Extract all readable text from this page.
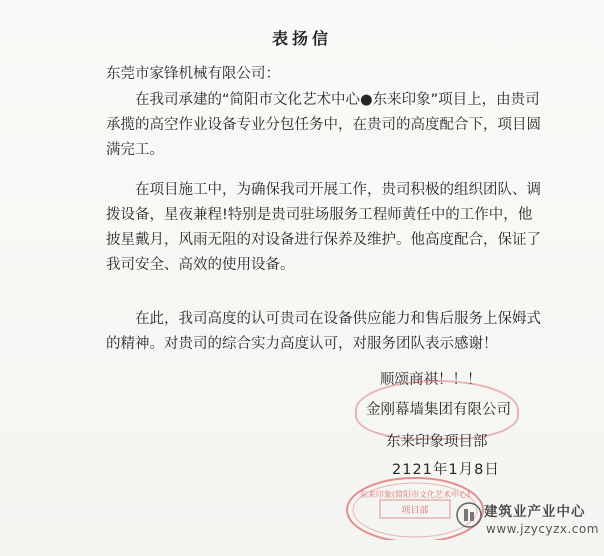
表扬信
东莞市家锋机械有限公司：
在我司承建的“简阳市文化艺术中心●东来印象”项目上，由贵司
承揽的高空作业设备专业分包任务中，在贵司的高度配合下，项目圆
满完工。
在项目施工中，为确保我司开展工作，贵司积极的组织团队、调
拨设备，星夜兼程!特别是贵司驻场服务工程师黄任中的工作中，他
披星戴月，风雨无阻的对设备进行保养及维护。他高度配合，保证了
我司安全、高效的使用设备。
在此，我司高度的认可贵司在设备供应能力和售后服务上保姆式
的精神。对贵司的综合实力高度认可，对服务团队表示感谢！
顺颂商祺！！！
金刚幕墙集团有限公司
东来印象项目部
2121年1月8日
东来印象(简阳市文化艺术中心)
项目部	建筑业产业中心
www.jzycyzx.com
